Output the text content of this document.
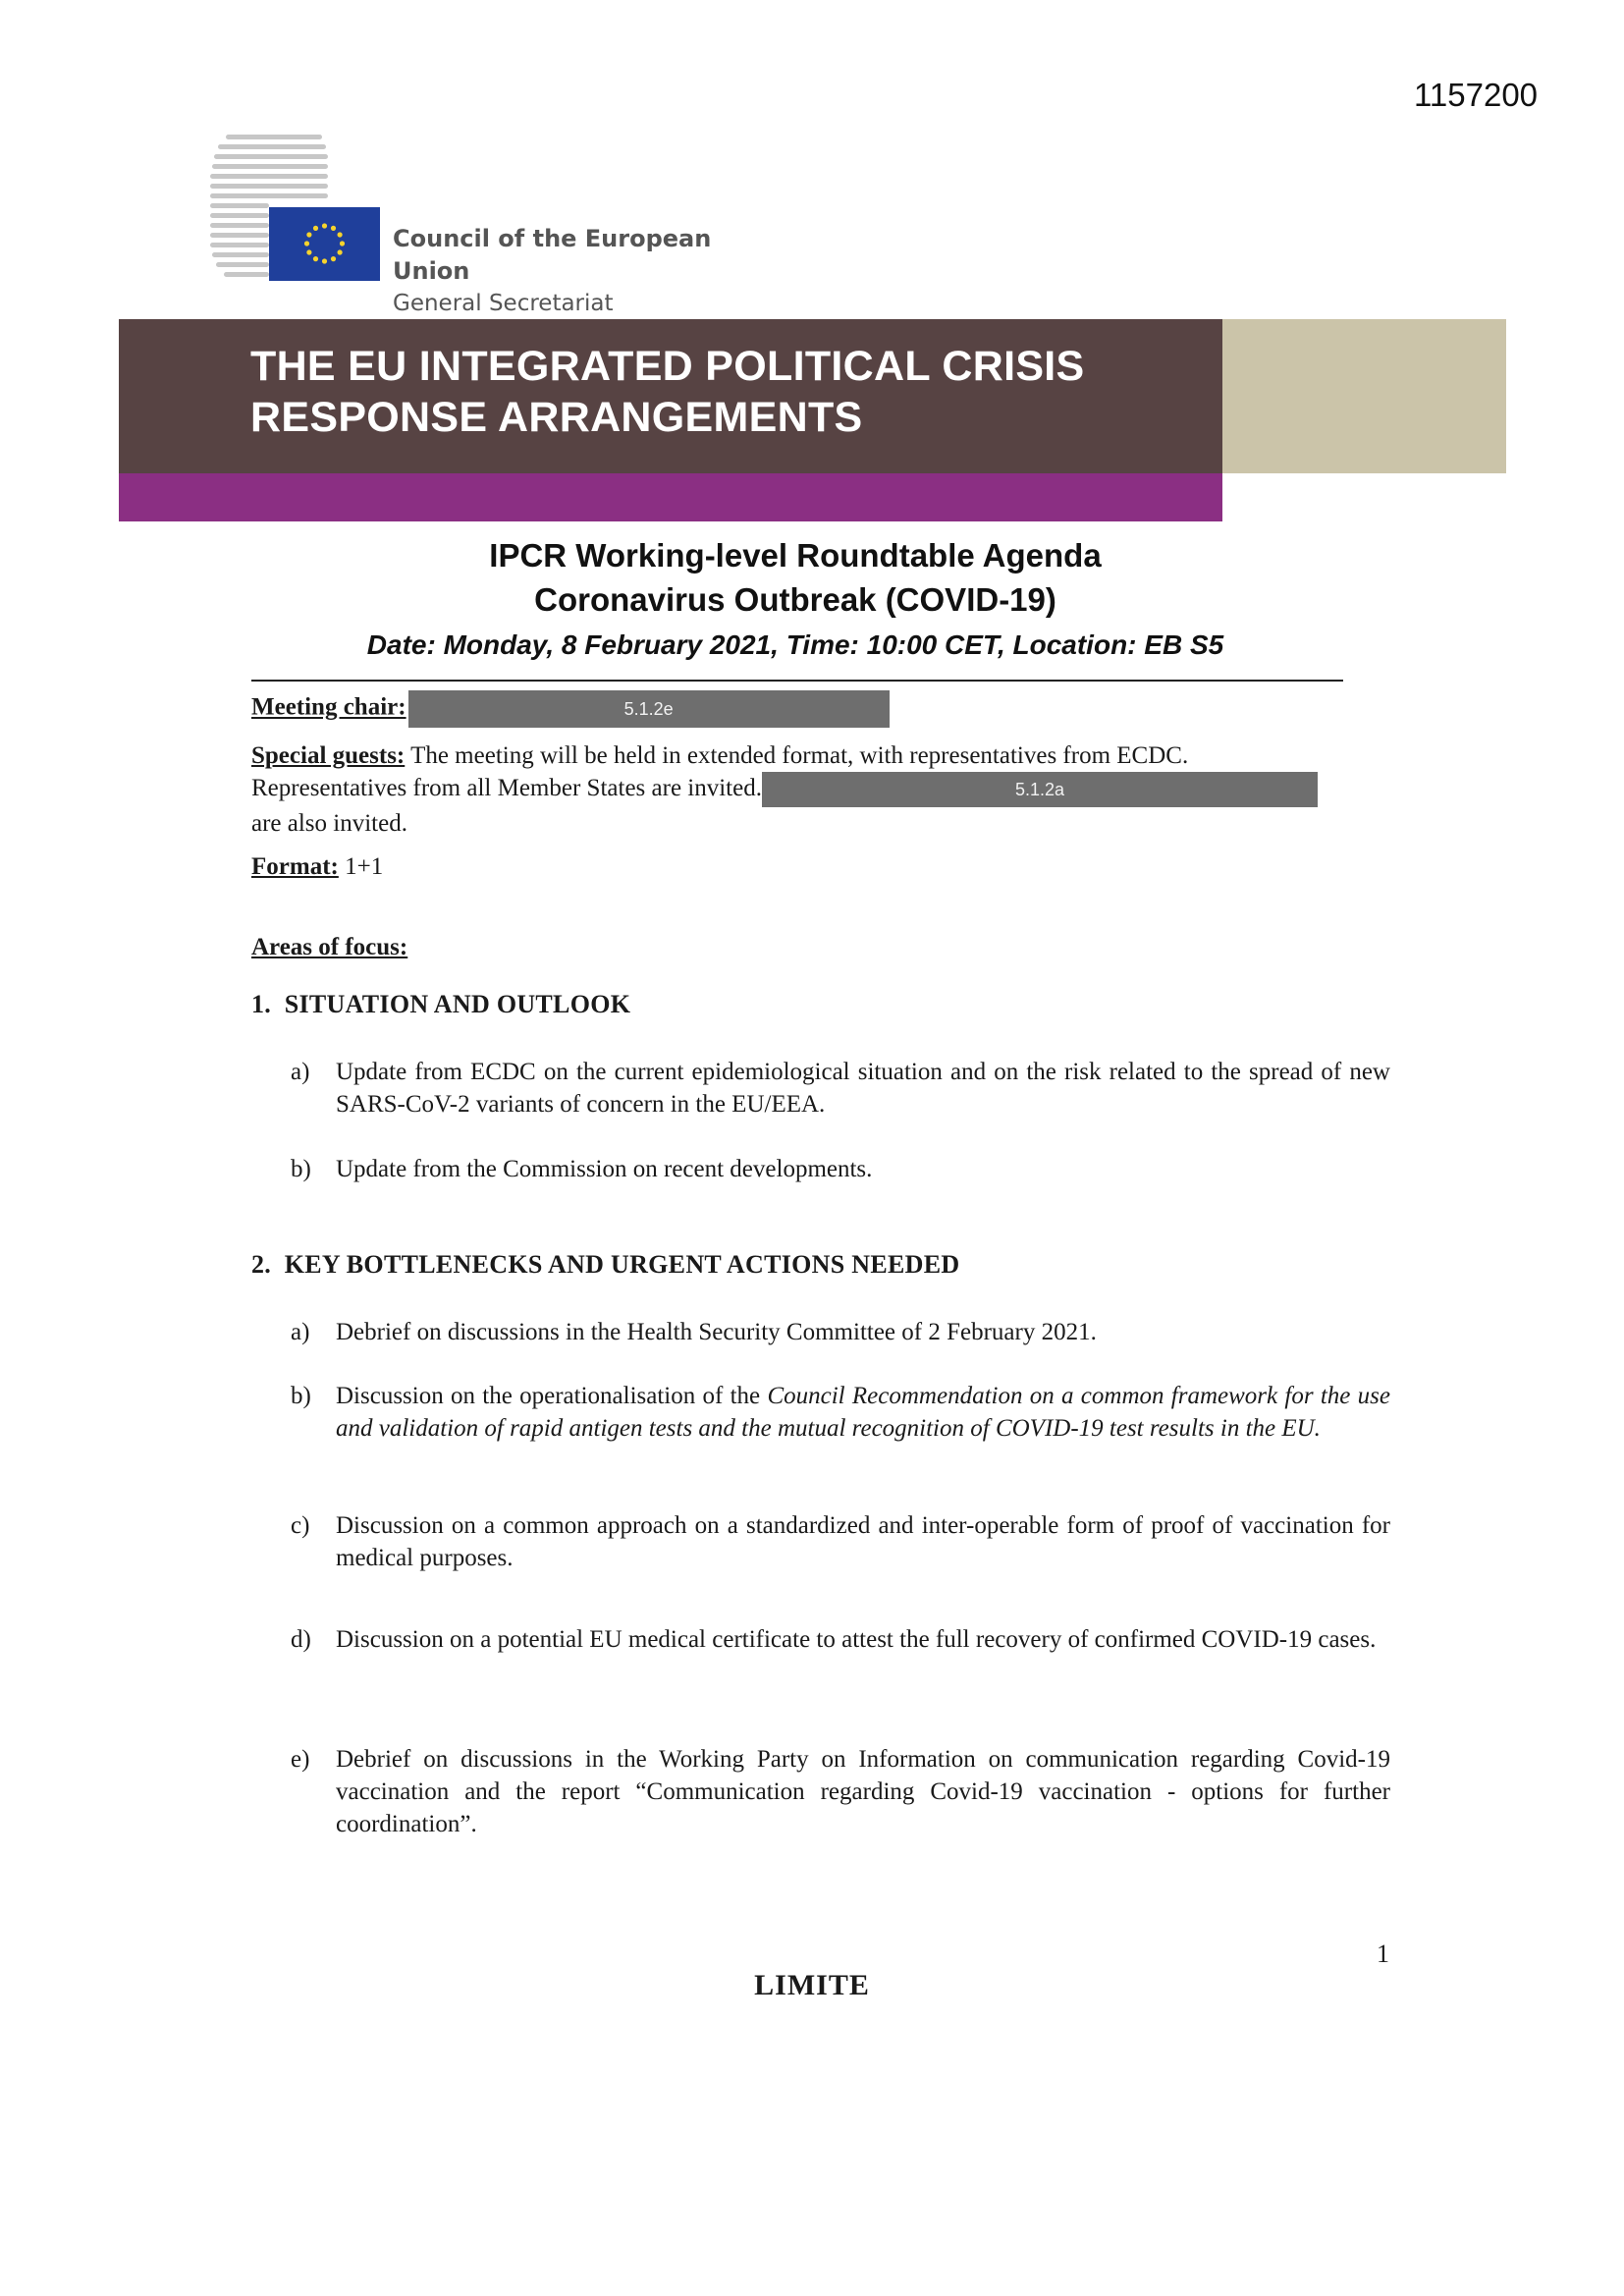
1157200
Council of the European Union
General Secretariat
THE EU INTEGRATED POLITICAL CRISIS
RESPONSE ARRANGEMENTS
IPCR Working-level Roundtable Agenda
Coronavirus Outbreak (COVID-19)
Date: Monday, 8 February 2021, Time: 10:00 CET, Location: EB S5
Meeting chair:	5.1.2e
Special guests: The meeting will be held in extended format, with representatives from ECDC.
Representatives from all Member States are invited.	5.1.2a
are also invited.
Format: 1+1
Areas of focus:
1. SITUATION AND OUTLOOK
a) Update from ECDC on the current epidemiological situation and on the risk related to the spread of new SARS-CoV-2 variants of concern in the EU/EEA.
b) Update from the Commission on recent developments.
2. KEY BOTTLENECKS AND URGENT ACTIONS NEEDED
a) Debrief on discussions in the Health Security Committee of 2 February 2021.
b) Discussion on the operationalisation of the Council Recommendation on a common framework for the use and validation of rapid antigen tests and the mutual recognition of COVID-19 test results in the EU.
c) Discussion on a common approach on a standardized and inter-operable form of proof of vaccination for medical purposes.
d) Discussion on a potential EU medical certificate to attest the full recovery of confirmed COVID-19 cases.
e) Debrief on discussions in the Working Party on Information on communication regarding Covid-19 vaccination and the report “Communication regarding Covid-19 vaccination - options for further coordination”.
1
LIMITE
